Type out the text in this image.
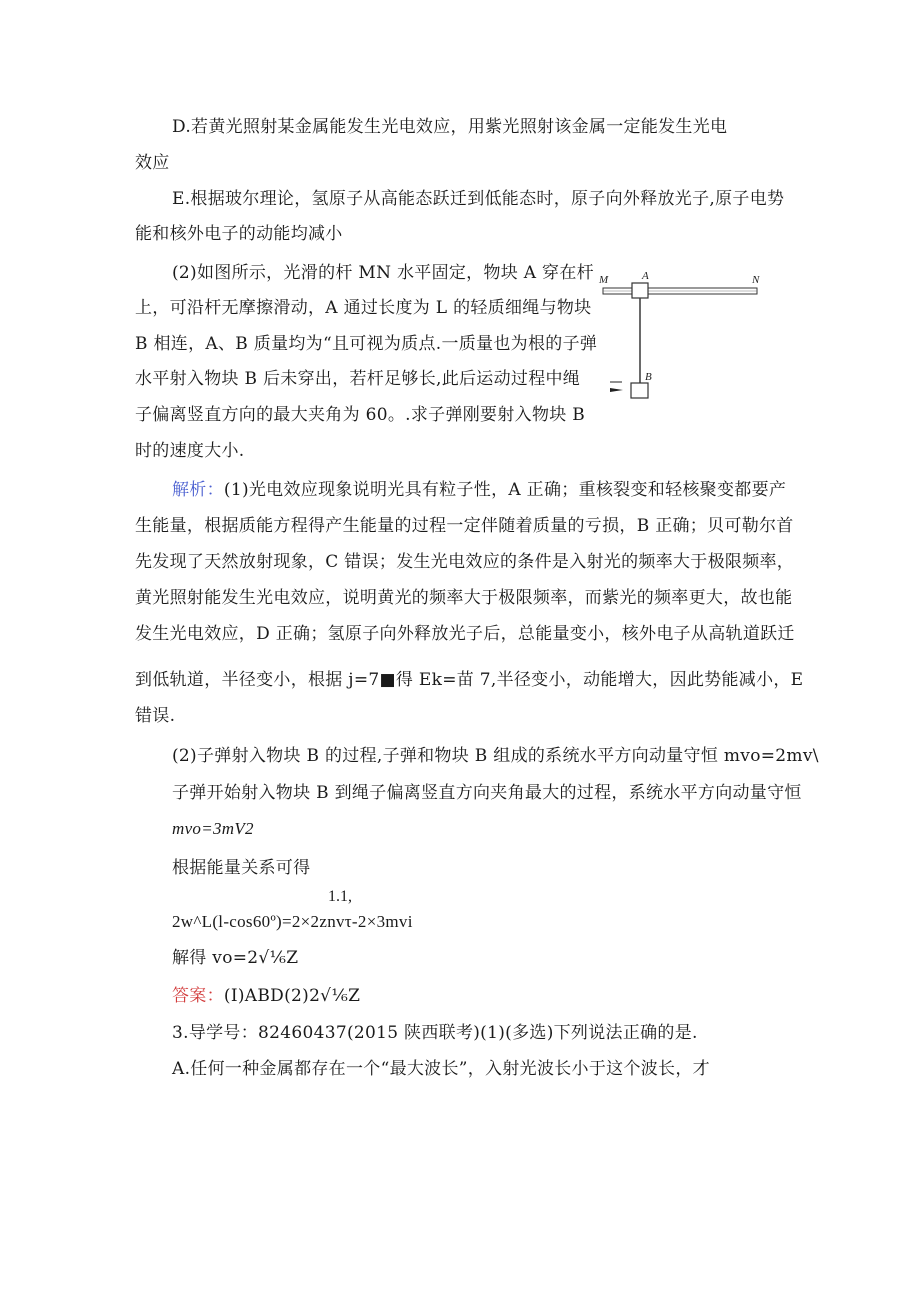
D.若黄光照射某金属能发生光电效应，用紫光照射该金属一定能发生光电
效应
E.根据玻尔理论，氢原子从高能态跃迁到低能态时，原子向外释放光子,原子电势
能和核外电子的动能均减小
(2)如图所示，光滑的杆 MN 水平固定，物块 A 穿在杆
上，可沿杆无摩擦滑动，A 通过长度为 L 的轻质细绳与物块
B 相连，A、B 质量均为“且可视为质点.一质量也为根的子弹
水平射入物块 B 后未穿出，若杆足够长,此后运动过程中绳
子偏离竖直方向的最大夹角为 60。.求子弹刚要射入物块 B
时的速度大小.
M	A	N
B
解析：(1)光电效应现象说明光具有粒子性，A 正确；重核裂变和轻核聚变都要产
生能量，根据质能方程得产生能量的过程一定伴随着质量的亏损，B 正确；贝可勒尔首
先发现了天然放射现象，C 错误；发生光电效应的条件是入射光的频率大于极限频率，
黄光照射能发生光电效应，说明黄光的频率大于极限频率，而紫光的频率更大，故也能
发生光电效应，D 正确；氢原子向外释放光子后，总能量变小，核外电子从高轨道跃迁
到低轨道，半径变小，根据 j=7■得 Ek=苗 7,半径变小，动能增大，因此势能减小，E
错误.
(2)子弹射入物块 B 的过程,子弹和物块 B 组成的系统水平方向动量守恒 mvo=2mv\
子弹开始射入物块 B 到绳子偏离竖直方向夹角最大的过程，系统水平方向动量守恒
mvo=3mV2
根据能量关系可得
1.1,
2w^L(l-cos60º)=2×2znvτ-2×3mvi
解得 vo=2√⅙Z
答案：(I)ABD(2)2√⅙Z
3.导学号：82460437(2015 陕西联考)(1)(多选)下列说法正确的是.
A.任何一种金属都存在一个“最大波长”，入射光波长小于这个波长，才
